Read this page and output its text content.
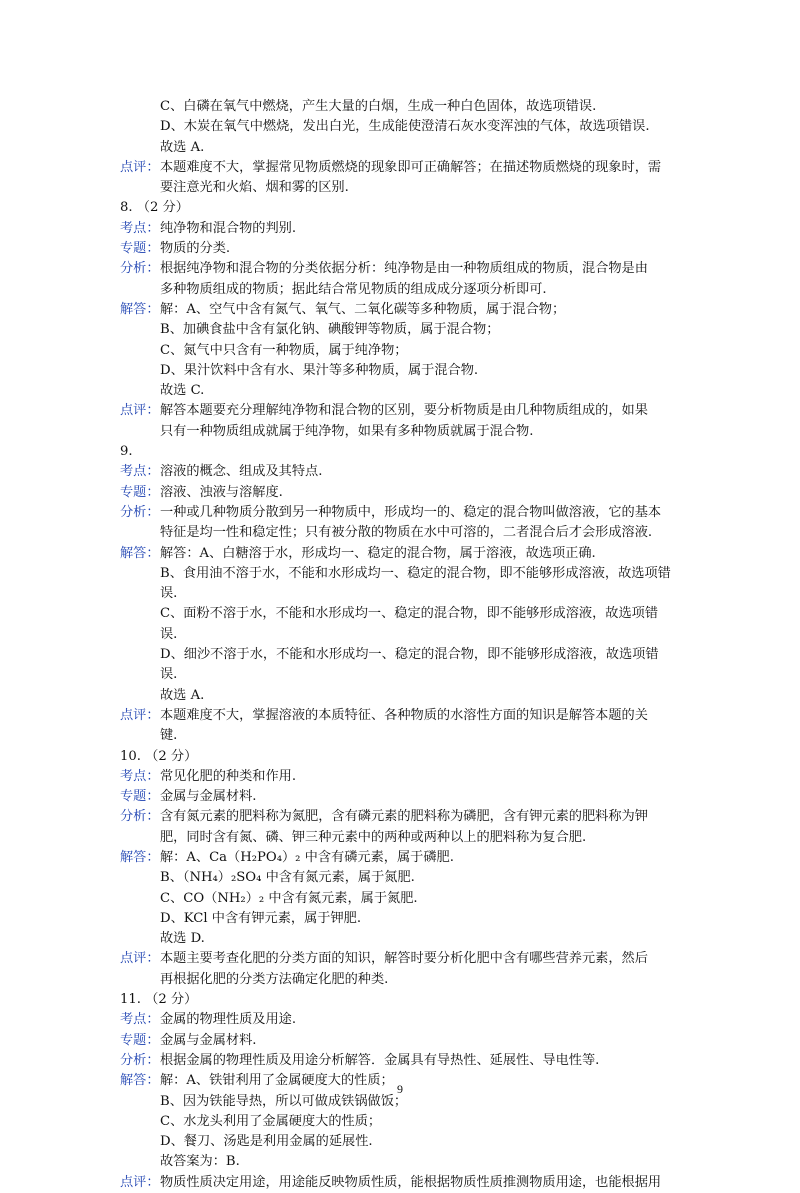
C、白磷在氧气中燃烧，产生大量的白烟，生成一种白色固体，故选项错误.
D、木炭在氧气中燃烧，发出白光，生成能使澄清石灰水变浑浊的气体，故选项错误.
故选 A.
点评： 本题难度不大，掌握常见物质燃烧的现象即可正确解答；在描述物质燃烧的现象时，需
要注意光和火焰、烟和雾的区别.
8. （2 分）
考点： 纯净物和混合物的判别.
专题： 物质的分类.
分析： 根据纯净物和混合物的分类依据分析：纯净物是由一种物质组成的物质，混合物是由
多种物质组成的物质；据此结合常见物质的组成成分逐项分析即可.
解答： 解：A、空气中含有氮气、氧气、二氧化碳等多种物质，属于混合物；
B、加碘食盐中含有氯化钠、碘酸钾等物质，属于混合物；
C、氮气中只含有一种物质，属于纯净物；
D、果汁饮料中含有水、果汁等多种物质，属于混合物.
故选 C.
点评： 解答本题要充分理解纯净物和混合物的区别，要分析物质是由几种物质组成的，如果
只有一种物质组成就属于纯净物，如果有多种物质就属于混合物.
9.
考点： 溶液的概念、组成及其特点.
专题： 溶液、浊液与溶解度.
分析： 一种或几种物质分散到另一种物质中，形成均一的、稳定的混合物叫做溶液，它的基本
特征是均一性和稳定性；只有被分散的物质在水中可溶的，二者混合后才会形成溶液.
解答： 解答：A、白糖溶于水，形成均一、稳定的混合物，属于溶液，故选项正确.
B、食用油不溶于水，不能和水形成均一、稳定的混合物，即不能够形成溶液，故选项错
误.
C、面粉不溶于水，不能和水形成均一、稳定的混合物，即不能够形成溶液，故选项错
误.
D、细沙不溶于水，不能和水形成均一、稳定的混合物，即不能够形成溶液，故选项错
误.
故选 A.
点评： 本题难度不大，掌握溶液的本质特征、各种物质的水溶性方面的知识是解答本题的关
键.
10. （2 分）
考点： 常见化肥的种类和作用.
专题： 金属与金属材料.
分析： 含有氮元素的肥料称为氮肥，含有磷元素的肥料称为磷肥，含有钾元素的肥料称为钾
肥，同时含有氮、磷、钾三种元素中的两种或两种以上的肥料称为复合肥.
解答： 解：A、Ca（H₂PO₄）₂ 中含有磷元素，属于磷肥.
B、（NH₄）₂SO₄ 中含有氮元素，属于氮肥.
C、CO（NH₂）₂ 中含有氮元素，属于氮肥.
D、KCl 中含有钾元素，属于钾肥.
故选 D.
点评： 本题主要考查化肥的分类方面的知识，解答时要分析化肥中含有哪些营养元素，然后
再根据化肥的分类方法确定化肥的种类.
11. （2 分）
考点： 金属的物理性质及用途.
专题： 金属与金属材料.
分析： 根据金属的物理性质及用途分析解答．金属具有导热性、延展性、导电性等.
解答： 解：A、铁钳利用了金属硬度大的性质；
B、因为铁能导热，所以可做成铁锅做饭；
C、水龙头利用了金属硬度大的性质；
D、餐刀、汤匙是利用金属的延展性.
故答案为：B.
点评： 物质性质决定用途，用途能反映物质性质，能根据物质性质推测物质用途，也能根据用
9
